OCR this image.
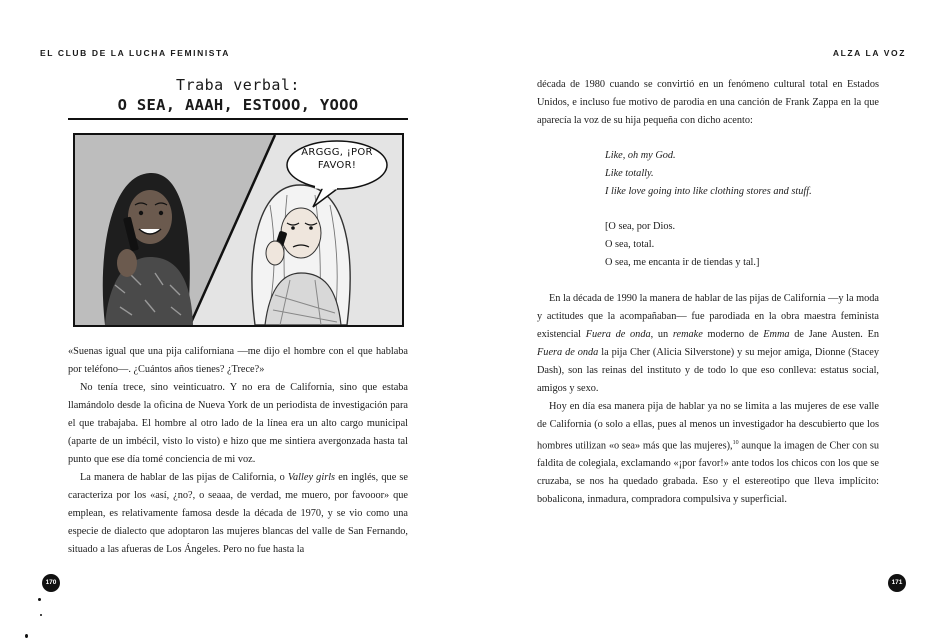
EL CLUB DE LA LUCHA FEMINISTA
Traba verbal:
O SEA, AAAH, ESTOOO, YOOO
ARGGG, ¡POR FAVOR!

«Suenas igual que una pija californiana —me dijo el hombre con el que hablaba por teléfono—. ¿Cuántos años tienes? ¿Trece?»

No tenía trece, sino veinticuatro. Y no era de California, sino que estaba llamándolo desde la oficina de Nueva York de un periodista de investigación para el que trabajaba. El hombre al otro lado de la línea era un alto cargo municipal (aparte de un imbécil, visto lo visto) e hizo que me sintiera avergonzada hasta tal punto que ese día tomé conciencia de mi voz.

La manera de hablar de las pijas de California, o Valley girls en inglés, que se caracteriza por los «así, ¿no?, o seaaa, de verdad, me muero, por favooor» que emplean, es relativamente famosa desde la década de 1970, y se vio como una especie de dialecto que adoptaron las mujeres blancas del valle de San Fernando, situado a las afueras de Los Ángeles. Pero no fue hasta la

170
ALZA LA VOZ

década de 1980 cuando se convirtió en un fenómeno cultural total en Estados Unidos, e incluso fue motivo de parodia en una canción de Frank Zappa en la que aparecía la voz de su hija pequeña con dicho acento:

Like, oh my God.
Like totally.
I like love going into like clothing stores and stuff.
[O sea, por Dios.
O sea, total.
O sea, me encanta ir de tiendas y tal.]

En la década de 1990 la manera de hablar de las pijas de California —y la moda y actitudes que la acompañaban— fue parodiada en la obra maestra feminista existencial Fuera de onda, un remake moderno de Emma de Jane Austen. En Fuera de onda la pija Cher (Alicia Silverstone) y su mejor amiga, Dionne (Stacey Dash), son las reinas del instituto y de todo lo que eso conlleva: estatus social, amigos y sexo.

Hoy en día esa manera pija de hablar ya no se limita a las mujeres de ese valle de California (o solo a ellas, pues al menos un investigador ha descubierto que los hombres utilizan «o sea» más que las mujeres),$^{10}$ aunque la imagen de Cher con su faldita de colegiala, exclamando «¡por favor!» ante todos los chicos con los que se cruzaba, se nos ha quedado grabada. Eso y el estereotipo que lleva implícito: bobalicona, inmadura, compradora compulsiva y superficial.

171
